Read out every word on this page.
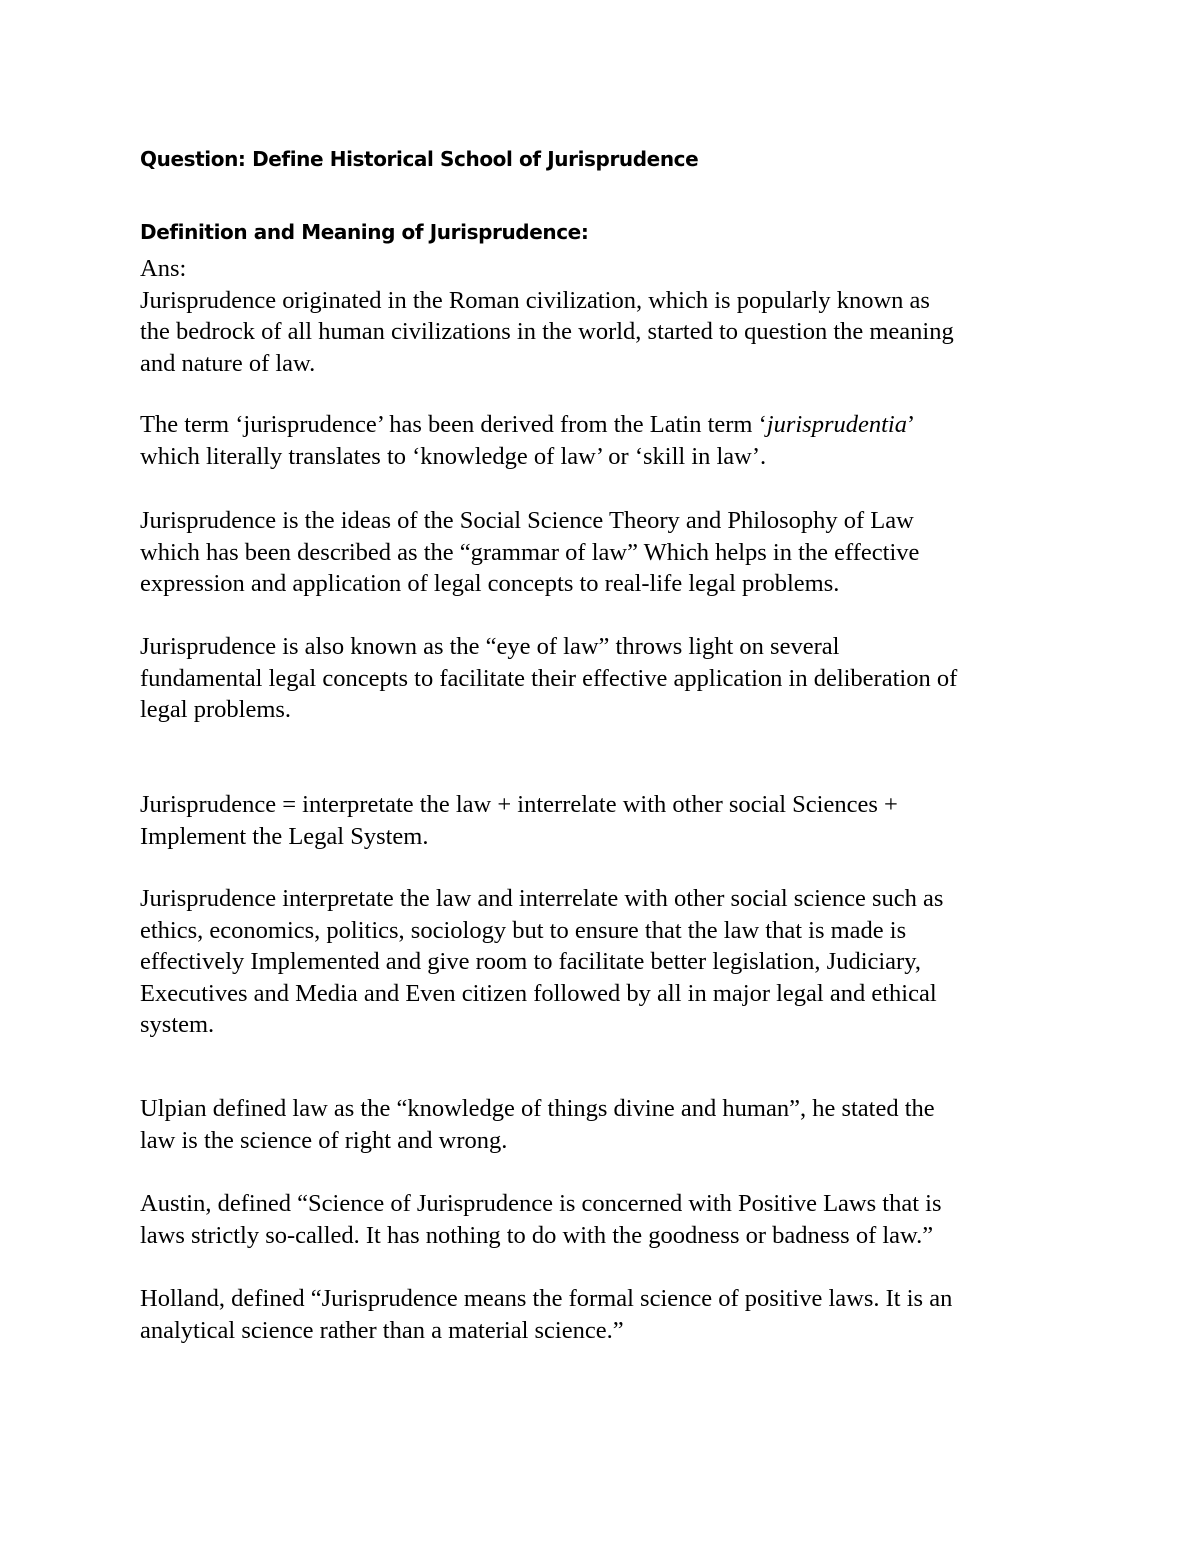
Question: Define Historical School of Jurisprudence
Definition and Meaning of Jurisprudence:
Ans:
Jurisprudence originated in the Roman civilization, which is popularly known as
the bedrock of all human civilizations in the world, started to question the meaning
and nature of law.
The term ‘jurisprudence’ has been derived from the Latin term ‘jurisprudentia’
which literally translates to ‘knowledge of law’ or ‘skill in law’.
Jurisprudence is the ideas of the Social Science Theory and Philosophy of Law
which has been described as the “grammar of law” Which helps in the effective
expression and application of legal concepts to real-life legal problems.
Jurisprudence is also known as the “eye of law” throws light on several
fundamental legal concepts to facilitate their effective application in deliberation of
legal problems.
Jurisprudence = interpretate the law + interrelate with other social Sciences +
Implement the Legal System.
Jurisprudence interpretate the law and interrelate with other social science such as
ethics, economics, politics, sociology but to ensure that the law that is made is
effectively Implemented and give room to facilitate better legislation, Judiciary,
Executives and Media and Even citizen followed by all in major legal and ethical
system.
Ulpian defined law as the “knowledge of things divine and human”, he stated the
law is the science of right and wrong.
Austin, defined “Science of Jurisprudence is concerned with Positive Laws that is
laws strictly so-called. It has nothing to do with the goodness or badness of law.”
Holland, defined “Jurisprudence means the formal science of positive laws. It is an
analytical science rather than a material science.”
